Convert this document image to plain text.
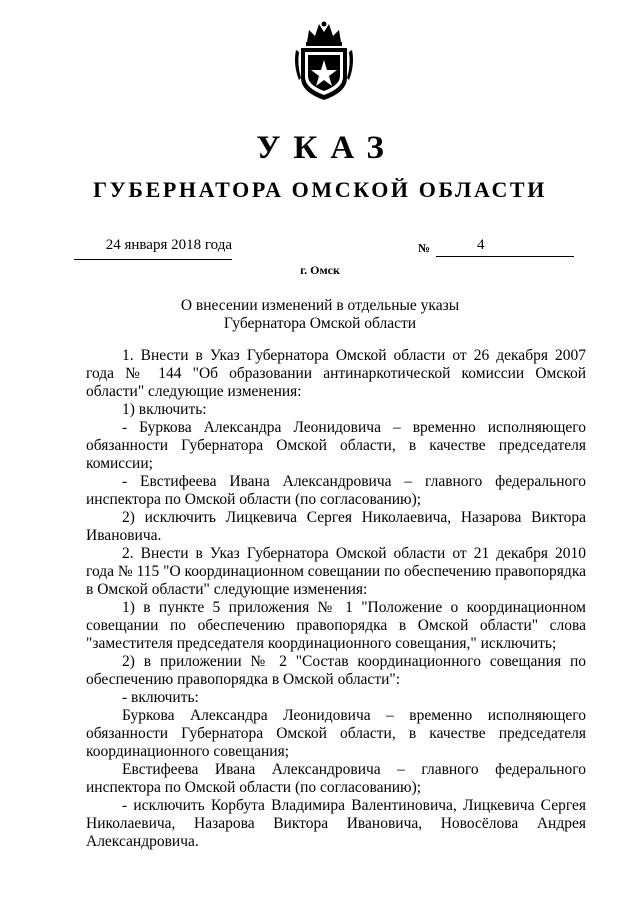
УКАЗ
ГУБЕРНАТОРА ОМСКОЙ ОБЛАСТИ
24 января 2018 года	№	4
г. Омск
О внесении изменений в отдельные указы
Губернатора Омской области

1. Внести в Указ Губернатора Омской области от 26 декабря 2007 года № 144 "Об образовании антинаркотической комиссии Омской области" следующие изменения:

1) включить:

- Буркова Александра Леонидовича – временно исполняющего обязанности Губернатора Омской области, в качестве председателя комиссии;

- Евстифеева Ивана Александровича – главного федерального инспектора по Омской области (по согласованию);

2) исключить Лицкевича Сергея Николаевича, Назарова Виктора Ивановича.

2. Внести в Указ Губернатора Омской области от 21 декабря 2010 года № 115 "О координационном совещании по обеспечению правопорядка в Омской области" следующие изменения:

1) в пункте 5 приложения № 1 "Положение о координационном совещании по обеспечению правопорядка в Омской области" слова "заместителя председателя координационного совещания," исключить;

2) в приложении № 2 "Состав координационного совещания по обеспечению правопорядка в Омской области":

- включить:

Буркова Александра Леонидовича – временно исполняющего обязанности Губернатора Омской области, в качестве председателя координационного совещания;

Евстифеева Ивана Александровича – главного федерального инспектора по Омской области (по согласованию);

- исключить Корбута Владимира Валентиновича, Лицкевича Сергея Николаевича, Назарова Виктора Ивановича, Новосёлова Андрея Александровича.
